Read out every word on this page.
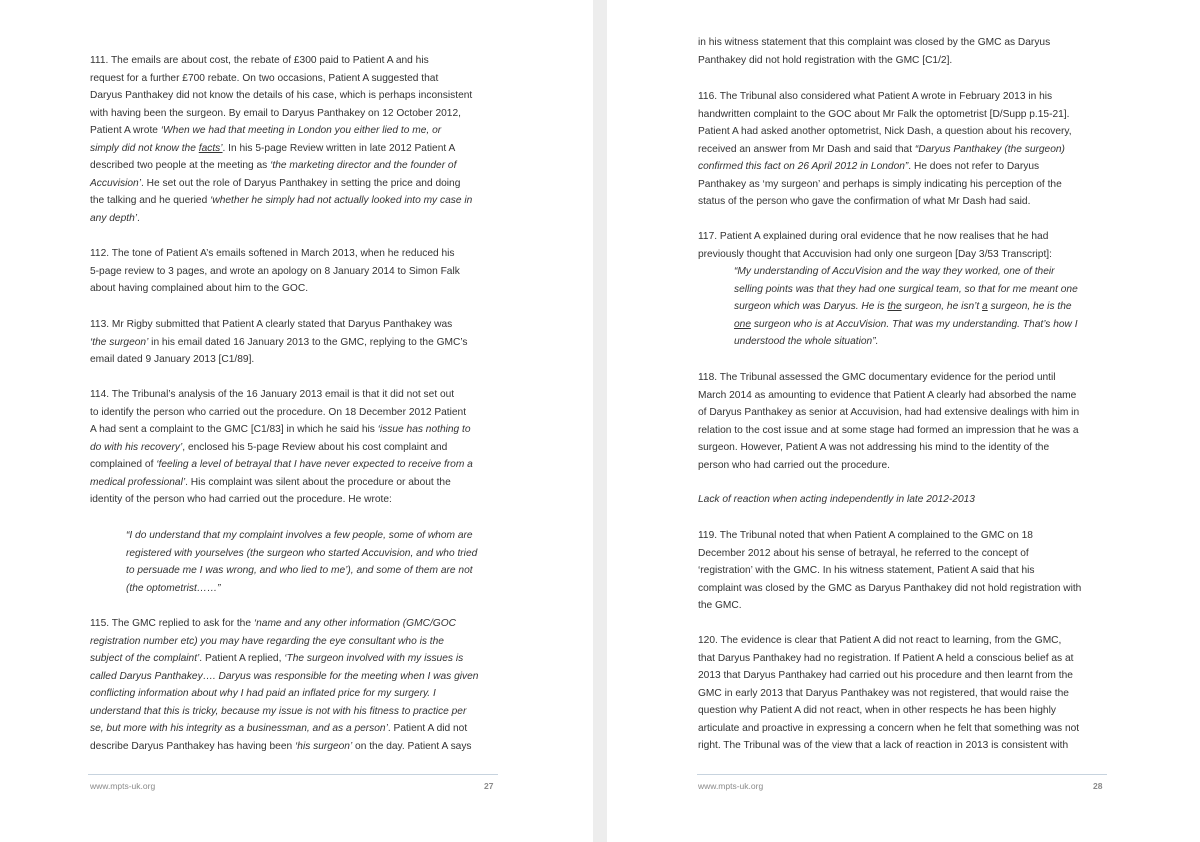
111. The emails are about cost, the rebate of £300 paid to Patient A and his
request for a further £700 rebate. On two occasions, Patient A suggested that
Daryus Panthakey did not know the details of his case, which is perhaps inconsistent
with having been the surgeon. By email to Daryus Panthakey on 12 October 2012,
Patient A wrote ‘When we had that meeting in London you either lied to me, or
simply did not know the facts’. In his 5-page Review written in late 2012 Patient A
described two people at the meeting as ‘the marketing director and the founder of
Accuvision’. He set out the role of Daryus Panthakey in setting the price and doing
the talking and he queried ‘whether he simply had not actually looked into my case in
any depth’.
112. The tone of Patient A’s emails softened in March 2013, when he reduced his
5-page review to 3 pages, and wrote an apology on 8 January 2014 to Simon Falk
about having complained about him to the GOC.
113. Mr Rigby submitted that Patient A clearly stated that Daryus Panthakey was
‘the surgeon’ in his email dated 16 January 2013 to the GMC, replying to the GMC’s
email dated 9 January 2013 [C1/89].
114. The Tribunal’s analysis of the 16 January 2013 email is that it did not set out
to identify the person who carried out the procedure. On 18 December 2012 Patient
A had sent a complaint to the GMC [C1/83] in which he said his ‘issue has nothing to
do with his recovery’, enclosed his 5-page Review about his cost complaint and
complained of ‘feeling a level of betrayal that I have never expected to receive from a
medical professional’. His complaint was silent about the procedure or about the
identity of the person who had carried out the procedure. He wrote:
“I do understand that my complaint involves a few people, some of whom are
registered with yourselves (the surgeon who started Accuvision, and who tried
to persuade me I was wrong, and who lied to me’), and some of them are not
(the optometrist……”
115. The GMC replied to ask for the ‘name and any other information (GMC/GOC
registration number etc) you may have regarding the eye consultant who is the
subject of the complaint’. Patient A replied, ‘The surgeon involved with my issues is
called Daryus Panthakey…. Daryus was responsible for the meeting when I was given
conflicting information about why I had paid an inflated price for my surgery. I
understand that this is tricky, because my issue is not with his fitness to practice per
se, but more with his integrity as a businessman, and as a person’. Patient A did not
describe Daryus Panthakey has having been ‘his surgeon’ on the day. Patient A says
www.mpts-uk.org	27
in his witness statement that this complaint was closed by the GMC as Daryus
Panthakey did not hold registration with the GMC [C1/2].
116. The Tribunal also considered what Patient A wrote in February 2013 in his
handwritten complaint to the GOC about Mr Falk the optometrist [D/Supp p.15-21].
Patient A had asked another optometrist, Nick Dash, a question about his recovery,
received an answer from Mr Dash and said that “Daryus Panthakey (the surgeon)
confirmed this fact on 26 April 2012 in London”. He does not refer to Daryus
Panthakey as ‘my surgeon’ and perhaps is simply indicating his perception of the
status of the person who gave the confirmation of what Mr Dash had said.
117. Patient A explained during oral evidence that he now realises that he had
previously thought that Accuvision had only one surgeon [Day 3/53 Transcript]:
“My understanding of AccuVision and the way they worked, one of their
selling points was that they had one surgical team, so that for me meant one
surgeon which was Daryus. He is the surgeon, he isn’t a surgeon, he is the
one surgeon who is at AccuVision. That was my understanding. That’s how I
understood the whole situation”.
118. The Tribunal assessed the GMC documentary evidence for the period until
March 2014 as amounting to evidence that Patient A clearly had absorbed the name
of Daryus Panthakey as senior at Accuvision, had had extensive dealings with him in
relation to the cost issue and at some stage had formed an impression that he was a
surgeon. However, Patient A was not addressing his mind to the identity of the
person who had carried out the procedure.
Lack of reaction when acting independently in late 2012-2013
119. The Tribunal noted that when Patient A complained to the GMC on 18
December 2012 about his sense of betrayal, he referred to the concept of
‘registration’ with the GMC. In his witness statement, Patient A said that his
complaint was closed by the GMC as Daryus Panthakey did not hold registration with
the GMC.
120. The evidence is clear that Patient A did not react to learning, from the GMC,
that Daryus Panthakey had no registration. If Patient A held a conscious belief as at
2013 that Daryus Panthakey had carried out his procedure and then learnt from the
GMC in early 2013 that Daryus Panthakey was not registered, that would raise the
question why Patient A did not react, when in other respects he has been highly
articulate and proactive in expressing a concern when he felt that something was not
right. The Tribunal was of the view that a lack of reaction in 2013 is consistent with
www.mpts-uk.org	28
